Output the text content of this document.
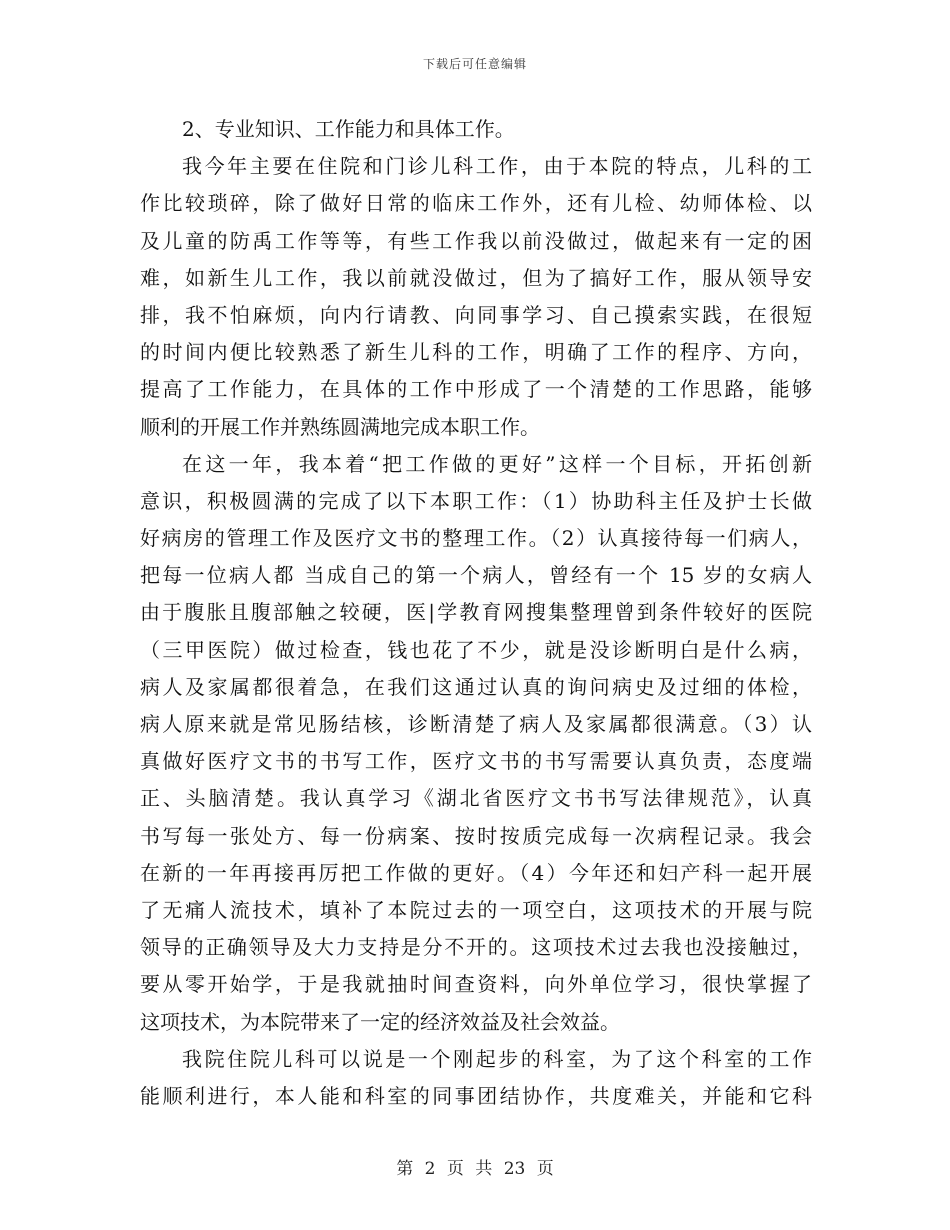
下载后可任意编辑
2、专业知识、工作能力和具体工作。
我今年主要在住院和门诊儿科工作，由于本院的特点，儿科的工
作比较琐碎，除了做好日常的临床工作外，还有儿检、幼师体检、以
及儿童的防禹工作等等，有些工作我以前没做过，做起来有一定的困
难，如新生儿工作，我以前就没做过，但为了搞好工作，服从领导安
排，我不怕麻烦，向内行请教、向同事学习、自己摸索实践，在很短
的时间内便比较熟悉了新生儿科的工作，明确了工作的程序、方向，
提高了工作能力，在具体的工作中形成了一个清楚的工作思路，能够
顺利的开展工作并熟练圆满地完成本职工作。
在这一年，我本着“把工作做的更好”这样一个目标，开拓创新
意识，积极圆满的完成了以下本职工作：（1）协助科主任及护士长做
好病房的管理工作及医疗文书的整理工作。（2）认真接待每一们病人，
把每一位病人都 当成自己的第一个病人，曾经有一个 15 岁的女病人
由于腹胀且腹部触之较硬，医|学教育网搜集整理曾到条件较好的医院
（三甲医院）做过检查，钱也花了不少，就是没诊断明白是什么病，
病人及家属都很着急，在我们这通过认真的询问病史及过细的体检，
病人原来就是常见肠结核，诊断清楚了病人及家属都很满意。（3）认
真做好医疗文书的书写工作，医疗文书的书写需要认真负责，态度端
正、头脑清楚。我认真学习《湖北省医疗文书书写法律规范》，认真
书写每一张处方、每一份病案、按时按质完成每一次病程记录。我会
在新的一年再接再厉把工作做的更好。（4）今年还和妇产科一起开展
了无痛人流技术，填补了本院过去的一项空白，这项技术的开展与院
领导的正确领导及大力支持是分不开的。这项技术过去我也没接触过，
要从零开始学，于是我就抽时间查资料，向外单位学习，很快掌握了
这项技术，为本院带来了一定的经济效益及社会效益。
我院住院儿科可以说是一个刚起步的科室，为了这个科室的工作
能顺利进行，本人能和科室的同事团结协作，共度难关，并能和它科
第 2 页 共 23 页
